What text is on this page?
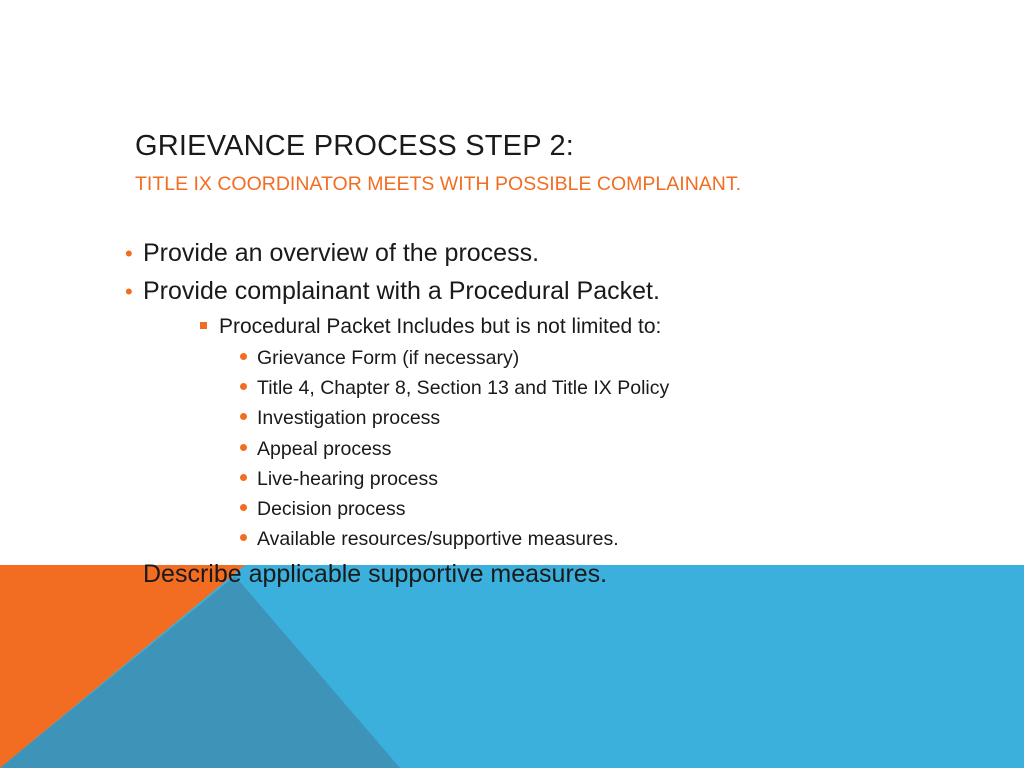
GRIEVANCE PROCESS STEP 2:
TITLE IX COORDINATOR MEETS WITH POSSIBLE COMPLAINANT.
• Provide an overview of the process.
• Provide complainant with a Procedural Packet.
Procedural Packet Includes but is not limited to:
Grievance Form (if necessary)
Title 4, Chapter 8, Section 13 and Title IX Policy
Investigation process
Appeal process
Live-hearing process
Decision process
Available resources/supportive measures.
Describe applicable supportive measures.
